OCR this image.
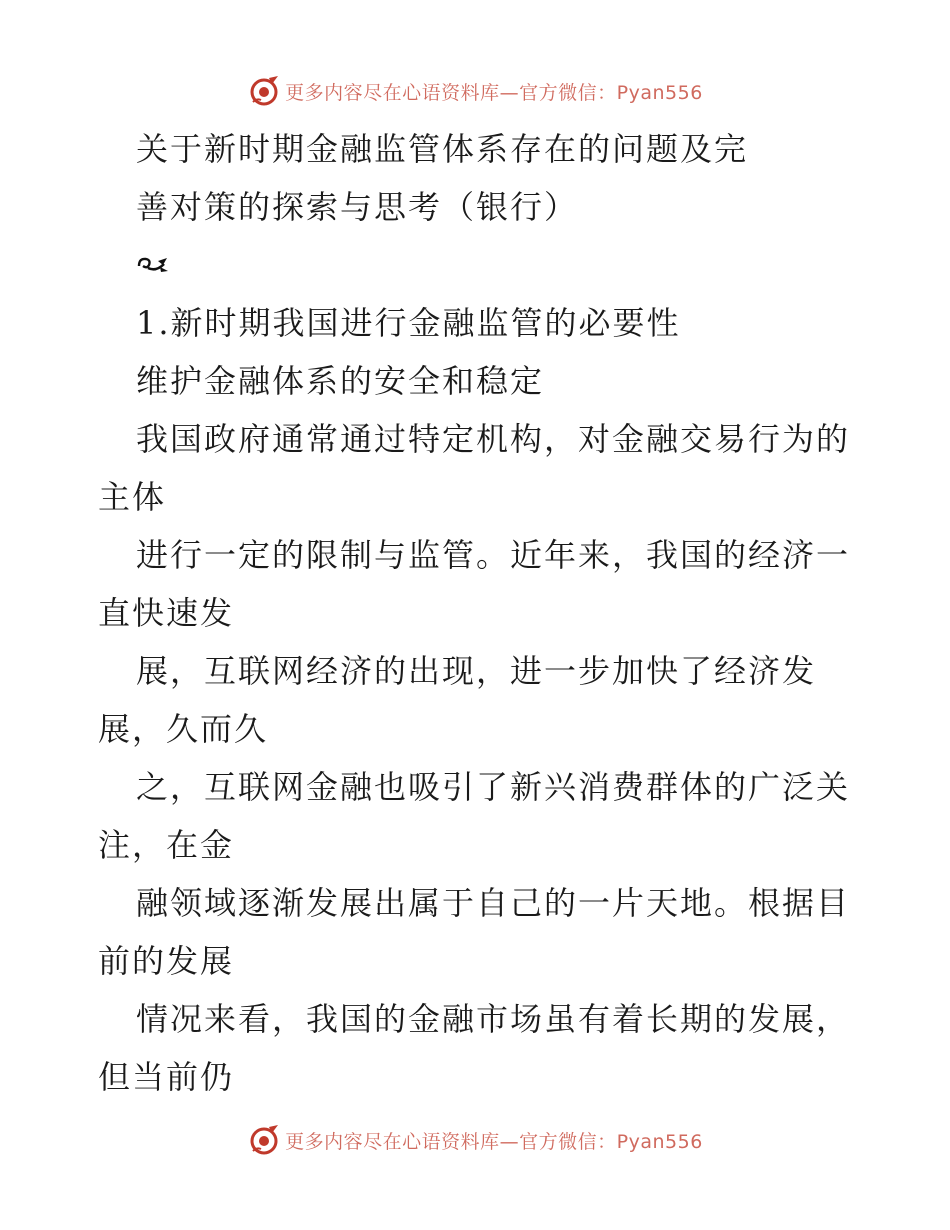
更多内容尽在心语资料库—官方微信：Pyan556
关于新时期金融监管体系存在的问题及完
善对策的探索与思考（银行）
1.新时期我国进行金融监管的必要性
维护金融体系的安全和稳定
我国政府通常通过特定机构，对金融交易行为的
主体
进行一定的限制与监管。近年来，我国的经济一
直快速发
展，互联网经济的出现，进一步加快了经济发
展，久而久
之，互联网金融也吸引了新兴消费群体的广泛关
注，在金
融领域逐渐发展出属于自己的一片天地。根据目
前的发展
情况来看，我国的金融市场虽有着长期的发展，
但当前仍
更多内容尽在心语资料库—官方微信：Pyan556
